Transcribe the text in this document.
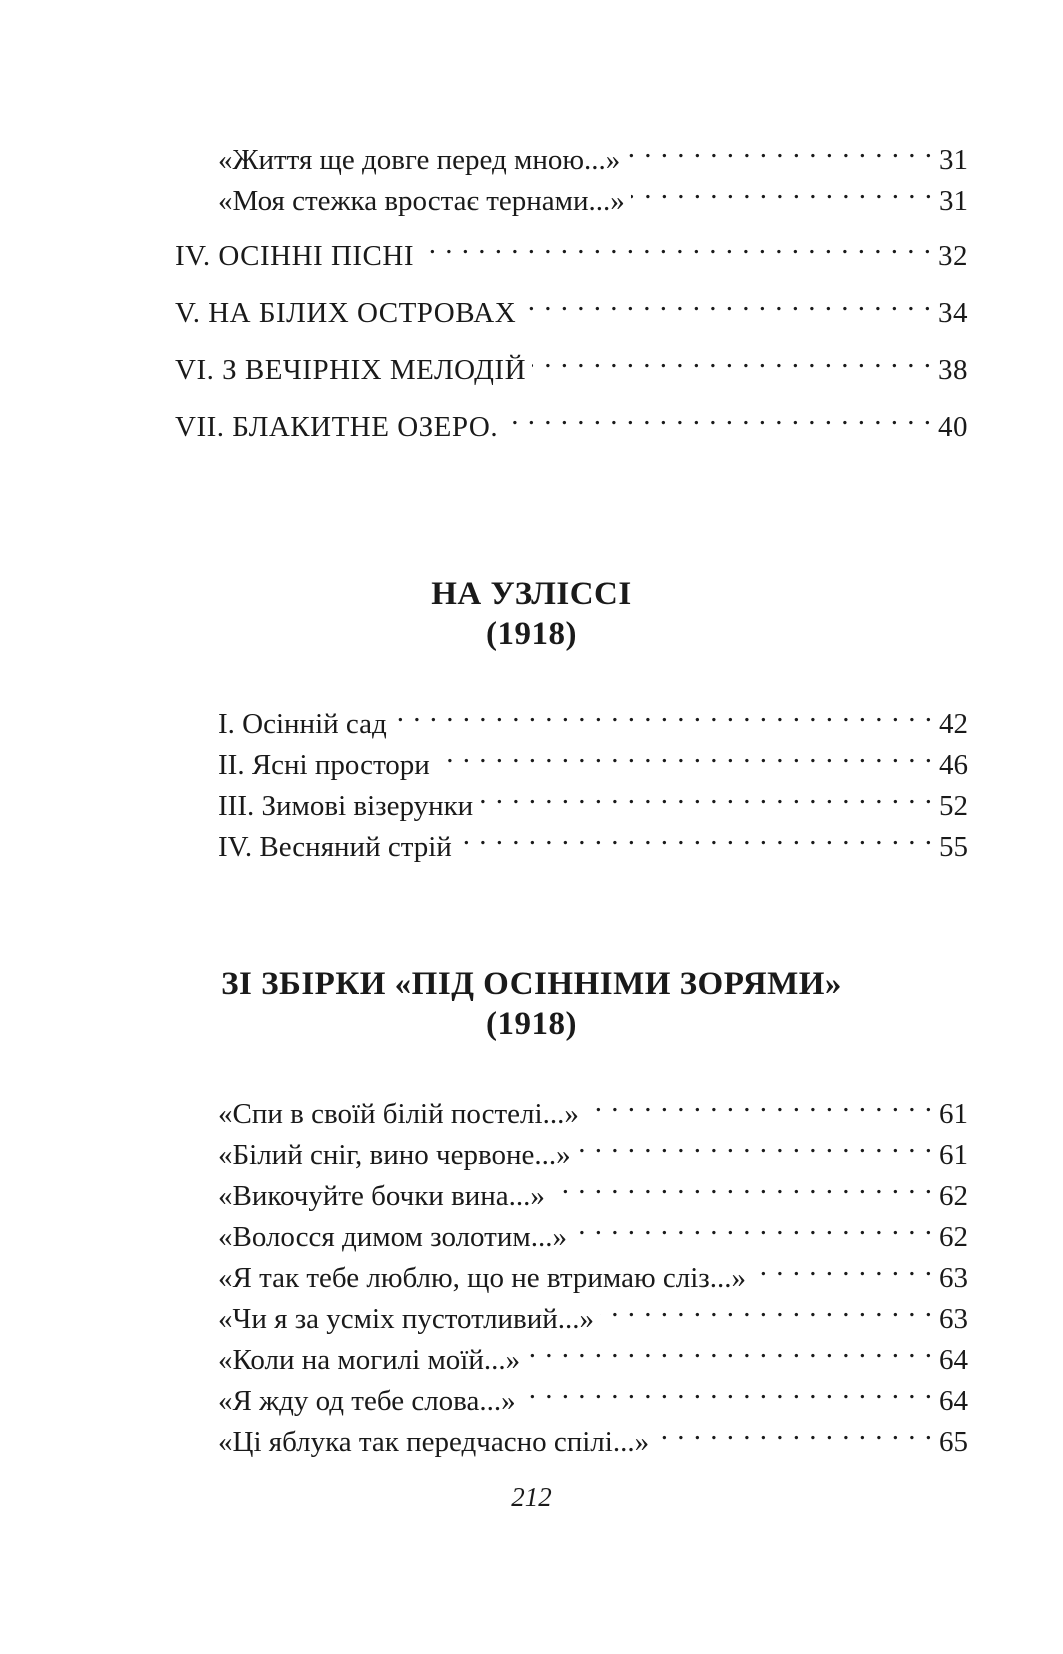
«Життя ще довге перед мною...» . . .	31
«Моя стежка вростає тернами...» . . .	31
IV. ОСІННІ ПІСНІ . . .	32
V. НА БІЛИХ ОСТРОВАХ . . .	34
VI. З ВЕЧІРНІХ МЕЛОДІЙ . . .	38
VII. БЛАКИТНЕ ОЗЕРО. . . .	40
НА УЗЛІССІ
(1918)
I. Осінній сад . . .	42
II. Ясні простори . . .	46
III. Зимові візерунки . . .	52
IV. Весняний стрій . . .	55
ЗІ ЗБІРКИ «ПІД ОСІННІМИ ЗОРЯМИ»
(1918)
«Спи в своїй білій постелі...» . . .	61
«Білий сніг, вино червоне...» . . .	61
«Викочуйте бочки вина...» . . .	62
«Волосся димом золотим...» . . .	62
«Я так тебе люблю, що не втримаю сліз...» . . .	63
«Чи я за усміх пустотливий...» . . .	63
«Коли на могилі моїй...» . . .	64
«Я жду од тебе слова...» . . .	64
«Ці яблука так передчасно спілі...» . . .	65
212
